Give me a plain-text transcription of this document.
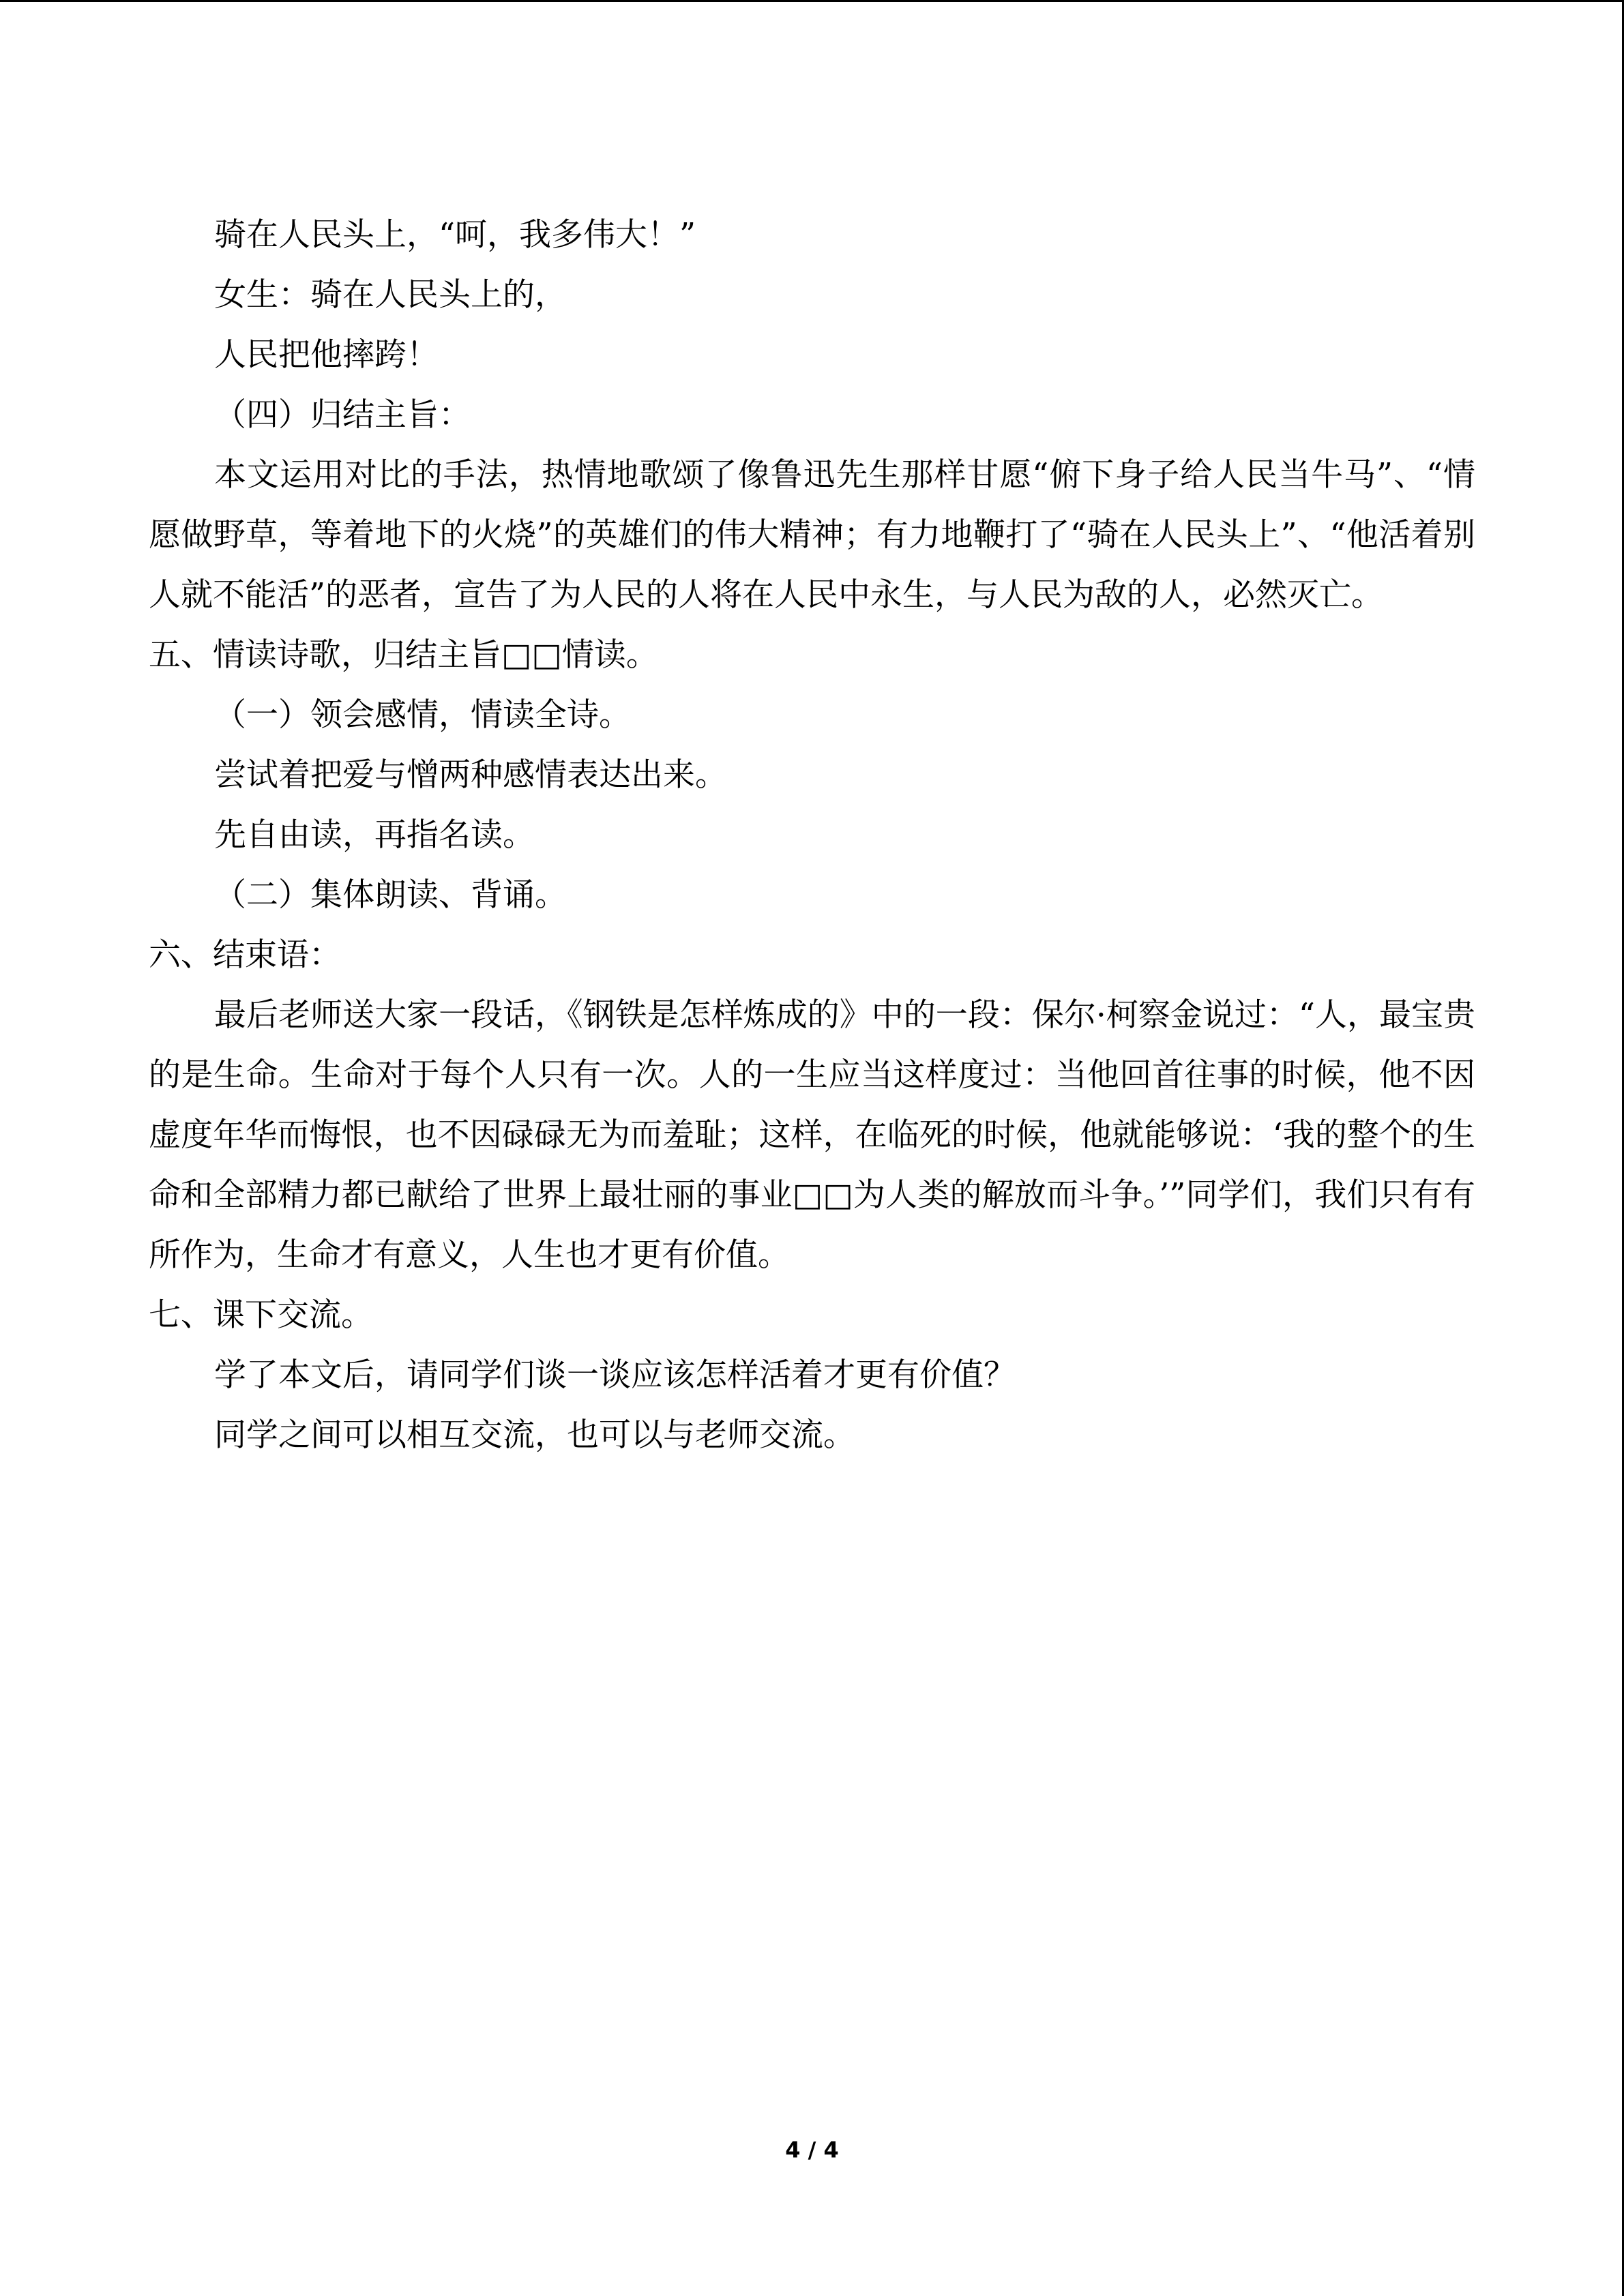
骑在人民头上，“呵，我多伟大！”

女生：骑在人民头上的，

人民把他摔跨！

（四）归结主旨：

本文运用对比的手法，热情地歌颂了像鲁迅先生那样甘愿“俯下身子给人民当牛马”、“情愿做野草，等着地下的火烧”的英雄们的伟大精神；有力地鞭打了“骑在人民头上”、“他活着别人就不能活”的恶者，宣告了为人民的人将在人民中永生，与人民为敌的人，必然灭亡。

五、情读诗歌，归结主旨□□情读。

（一）领会感情，情读全诗。

尝试着把爱与憎两种感情表达出来。

先自由读，再指名读。

（二）集体朗读、背诵。

六、结束语：

最后老师送大家一段话，《钢铁是怎样炼成的》中的一段：保尔·柯察金说过：“人，最宝贵的是生命。生命对于每个人只有一次。人的一生应当这样度过：当他回首往事的时候，他不因虚度年华而悔恨，也不因碌碌无为而羞耻；这样，在临死的时候，他就能够说：‘我的整个的生命和全部精力都已献给了世界上最壮丽的事业□□为人类的解放而斗争。’”同学们，我们只有有所作为，生命才有意义，人生也才更有价值。

七、课下交流。

学了本文后，请同学们谈一谈应该怎样活着才更有价值？

同学之间可以相互交流，也可以与老师交流。

4 / 4
